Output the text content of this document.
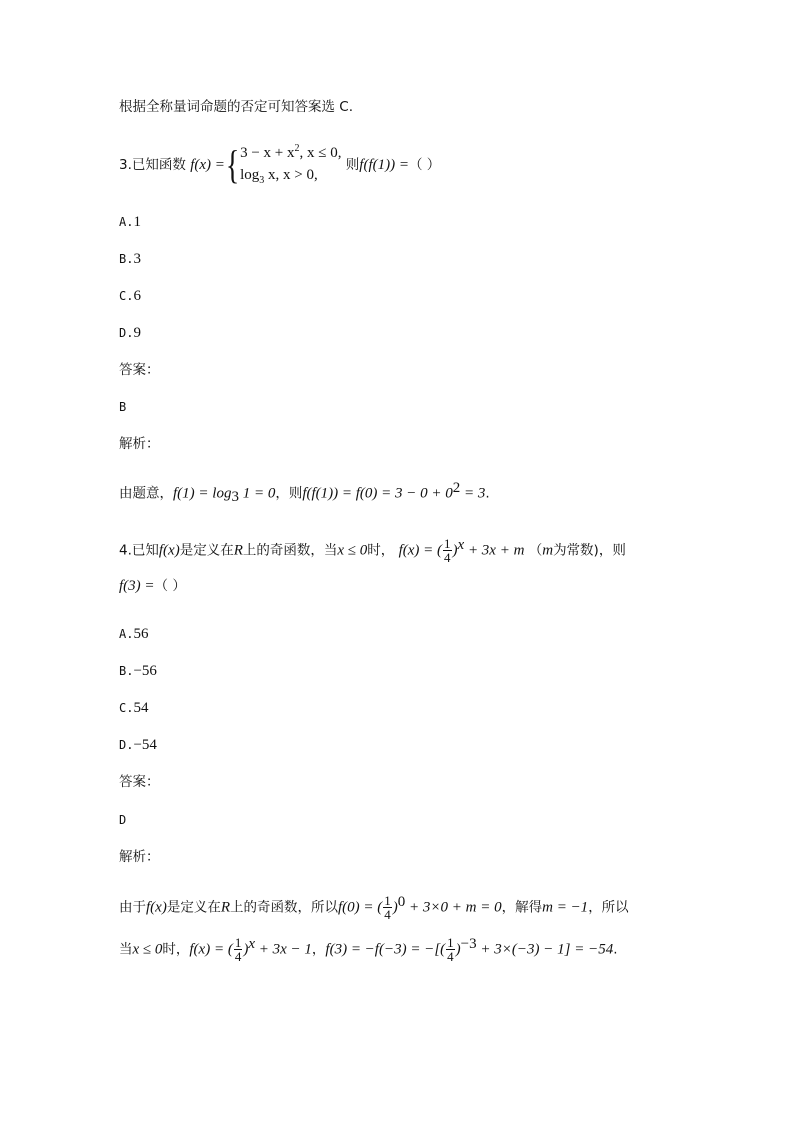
根据全称量词命题的否定可知答案选 C.
3.已知函数 f(x) ={ $3 - x + x^2$, x ≤ 0,
$\log_3 x$, x > 0,
则f(f(1)) =（ ）
A.1
B.3
C.6
D.9
答案：
B
解析：
由题意，$f(1) = \log_3 1 = 0$，则$f(f(1)) = f(0) = 3 - 0 + 0^2 = 3$.
4.已知f(x)是定义在R上的奇函数，当x ≤ 0时， f(x) = ( $\frac{1}{4} )^x + 3x + m$ （m为常数)，则
f(3) =（ ）
A.56
B.−56
C.54
D.−54
答案：
D
解析：
由于f(x)是定义在R上的奇函数，所以f(0) = ( $\frac{1}{4} )^0 + 3\times 0 + m = 0$，解得m = −1，所以
当x ≤ 0时，f(x) = ( $\frac{1}{4} )^x + 3x - 1$，f(3) = −f(−3) = −[( $\frac{1}{4} )^{-3} + 3\times(-3) - 1] = -54$.
